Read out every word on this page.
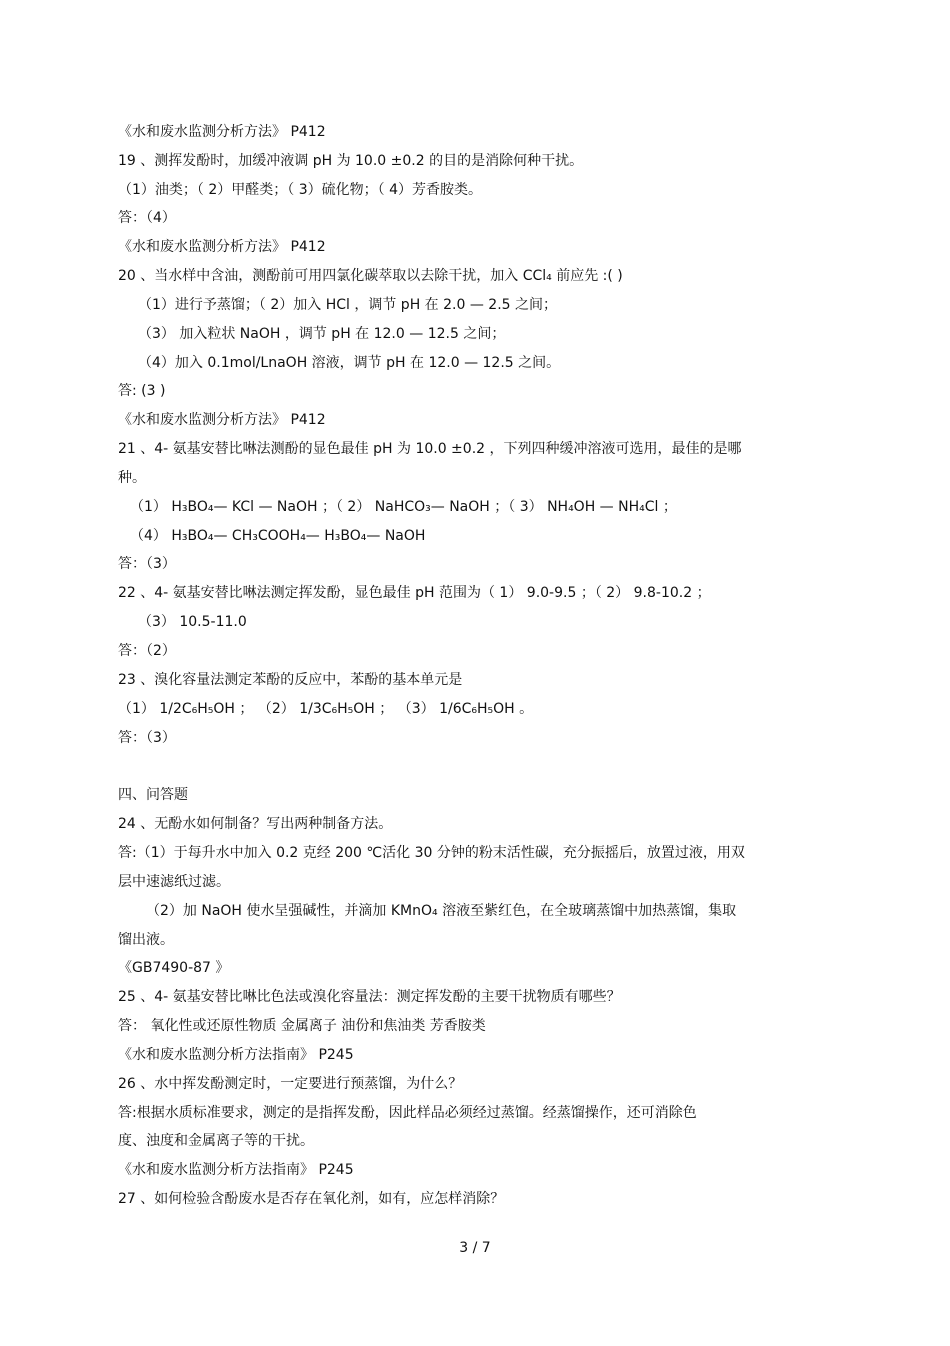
《水和废水监测分析方法》 P412
19 、测挥发酚时，加缓冲液调 pH 为 10.0 ±0.2 的目的是消除何种干扰。
（1）油类；（ 2）甲醛类；（ 3）硫化物；（ 4）芳香胺类。
答：（4）
《水和废水监测分析方法》 P412
20 、当水样中含油，测酚前可用四氯化碳萃取以去除干扰，加入 CCl₄ 前应先 :( )
（1）进行予蒸馏；（ 2）加入 HCl ，调节 pH 在 2.0 — 2.5 之间；
（3） 加入粒状 NaOH ，调节 pH 在 12.0 — 12.5 之间；
（4）加入 0.1mol/LnaOH 溶液，调节 pH 在 12.0 — 12.5 之间。
答: (3 )
《水和废水监测分析方法》 P412
21 、4- 氨基安替比啉法测酚的显色最佳 pH 为 10.0 ±0.2 ，下列四种缓冲溶液可选用，最佳的是哪
种。
（1） H₃BO₄— KCl — NaOH ；（ 2） NaHCO₃— NaOH ；（ 3） NH₄OH — NH₄Cl ；
（4） H₃BO₄— CH₃COOH₄— H₃BO₄— NaOH
答：（3）
22 、4- 氨基安替比啉法测定挥发酚，显色最佳 pH 范围为（ 1） 9.0-9.5 ；（ 2） 9.8-10.2 ；
（3） 10.5-11.0
答：（2）
23 、溴化容量法测定苯酚的反应中，苯酚的基本单元是
（1） 1/2C₆H₅OH ； （2） 1/3C₆H₅OH ； （3） 1/6C₆H₅OH 。
答：（3）
四、问答题
24 、无酚水如何制备？写出两种制备方法。
答:（1）于每升水中加入 0.2 克经 200 ℃活化 30 分钟的粉末活性碳，充分振摇后，放置过液，用双
层中速滤纸过滤。
（2）加 NaOH 使水呈强碱性，并滴加 KMnO₄ 溶液至紫红色，在全玻璃蒸馏中加热蒸馏，集取
馏出液。
《GB7490-87 》
25 、4- 氨基安替比啉比色法或溴化容量法：测定挥发酚的主要干扰物质有哪些？
答： 氧化性或还原性物质 金属离子 油份和焦油类 芳香胺类
《水和废水监测分析方法指南》 P245
26 、水中挥发酚测定时，一定要进行预蒸馏，为什么？
答:根据水质标准要求，测定的是指挥发酚，因此样品必须经过蒸馏。经蒸馏操作，还可消除色
度、浊度和金属离子等的干扰。
《水和废水监测分析方法指南》 P245
27 、如何检验含酚废水是否存在氧化剂，如有，应怎样消除？
3 / 7
